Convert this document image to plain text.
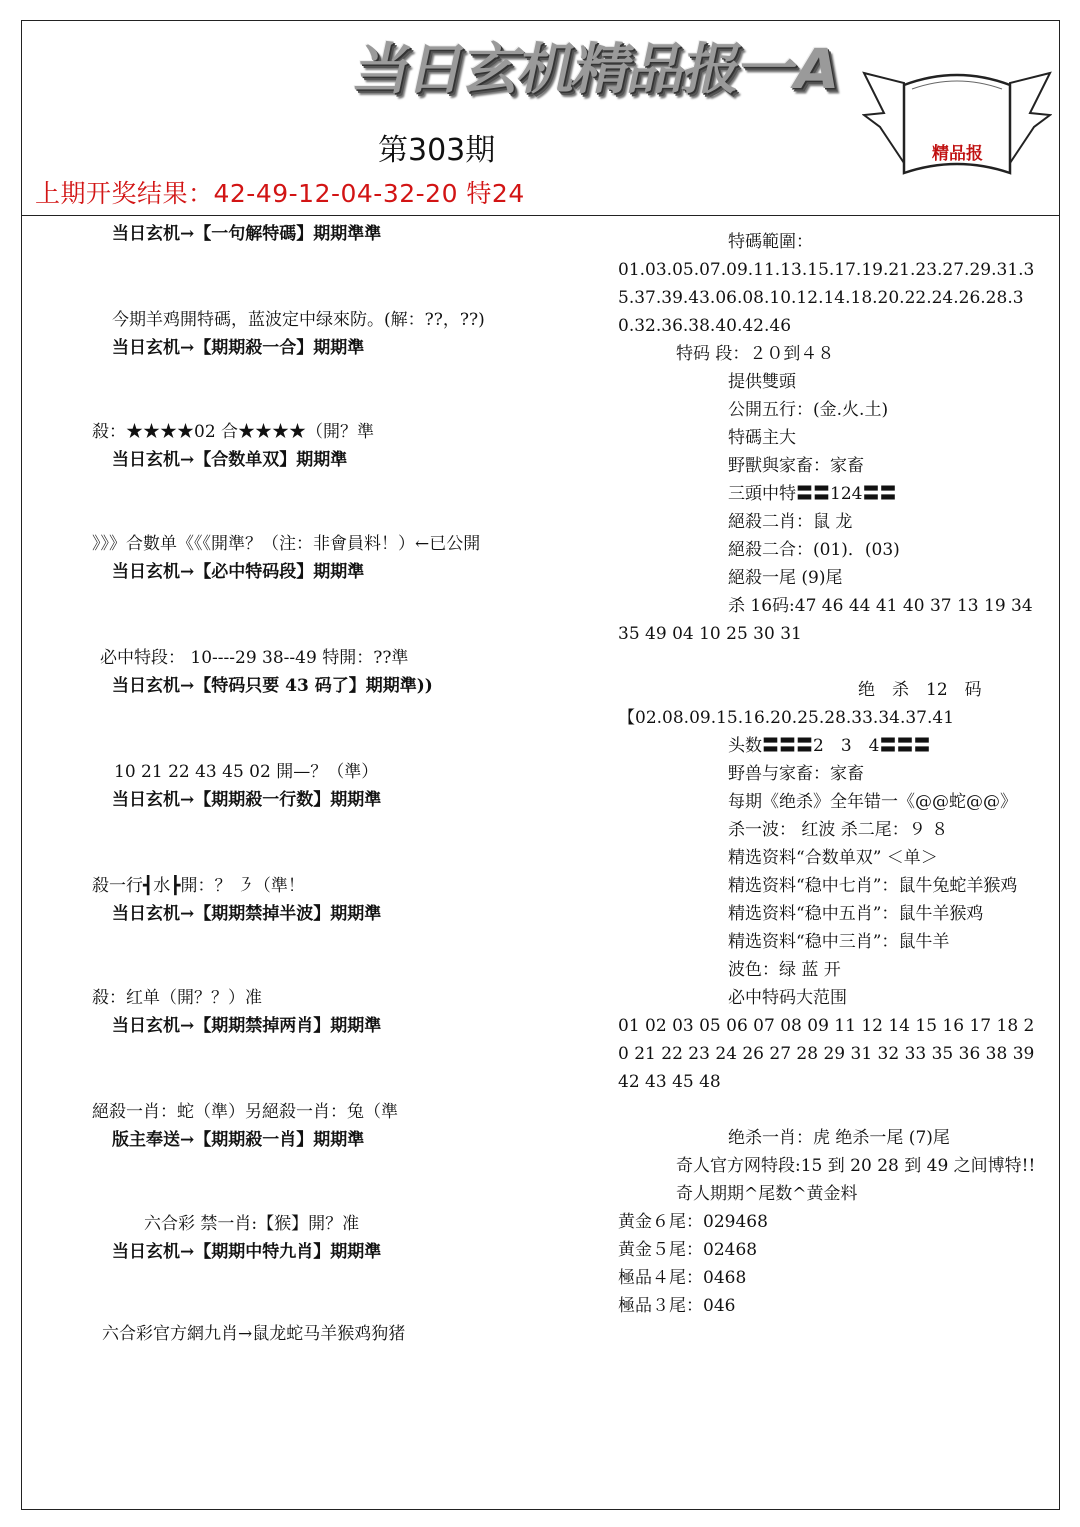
当日玄机精品报一A
精品报
第303期
上期开奖结果：42-49-12-04-32-20 特24
当日玄机→【一句解特碼】期期準準
今期羊鸡開特碼，蓝波定中绿來防。(解：??，??)
当日玄机→【期期殺一合】期期準
殺：★★★★02 合★★★★（開？準
当日玄机→【合数单双】期期準
》》》合數单《《《開準？（注：非會員料！）←已公開
当日玄机→【必中特码段】期期準
必中特段： 10----29 38--49 特開：??準
当日玄机→【特码只要 43 码了】期期準))
10 21 22 43 45 02 開—？（準）
当日玄机→【期期殺一行数】期期準
殺一行┫水┣開：？ ㇋（準！
当日玄机→【期期禁掉半波】期期準
殺：红单（開？？）准
当日玄机→【期期禁掉两肖】期期準
絕殺一肖：蛇（準）另絕殺一肖：兔（準
版主奉送→【期期殺一肖】期期準
六合彩 禁一肖:【猴】開？准
当日玄机→【期期中特九肖】期期準
六合彩官方網九肖→鼠龙蛇马羊猴鸡狗猪
特碼範圍：
01.03.05.07.09.11.13.15.17.19.21.23.27.29.31.35.37.39.43.06.08.10.12.14.18.20.22.24.26.28.30.32.36.38.40.42.46
特码 段：２０到４８
提供雙頭
公開五行：(金.火.土)
特碼主大
野獸與家畜：家畜
三頭中特〓〓124〓〓
絕殺二肖：鼠 龙
絕殺二合：(01)．(03)
絕殺一尾 (9)尾
杀 16码:47 46 44 41 40 37 13 19 34 35 49 04 10 25 30 31

绝　杀　12　码
【02.08.09.15.16.20.25.28.33.34.37.41
头数〓〓〓2　3　4〓〓〓
野兽与家畜：家畜
每期《绝杀》全年错一《@@蛇@@》
杀一波： 红波 杀二尾：９ ８
精选资料“合数单双” ＜单＞
精选资料“稳中七肖”：鼠牛兔蛇羊猴鸡
精选资料“稳中五肖”：鼠牛羊猴鸡
精选资料“稳中三肖”：鼠牛羊
波色：绿 蓝 开
必中特码大范围
01 02 03 05 06 07 08 09 11 12 14 15 16 17 18 20 21 22 23 24 26 27 28 29 31 32 33 35 36 38 39 42 43 45 48

绝杀一肖：虎 绝杀一尾 (7)尾
奇人官方网特段:15 到 20 28 到 49 之间博特!!
奇人期期^尾数^黄金料
黄金６尾：029468
黄金５尾：02468
極品４尾：0468
極品３尾：046
